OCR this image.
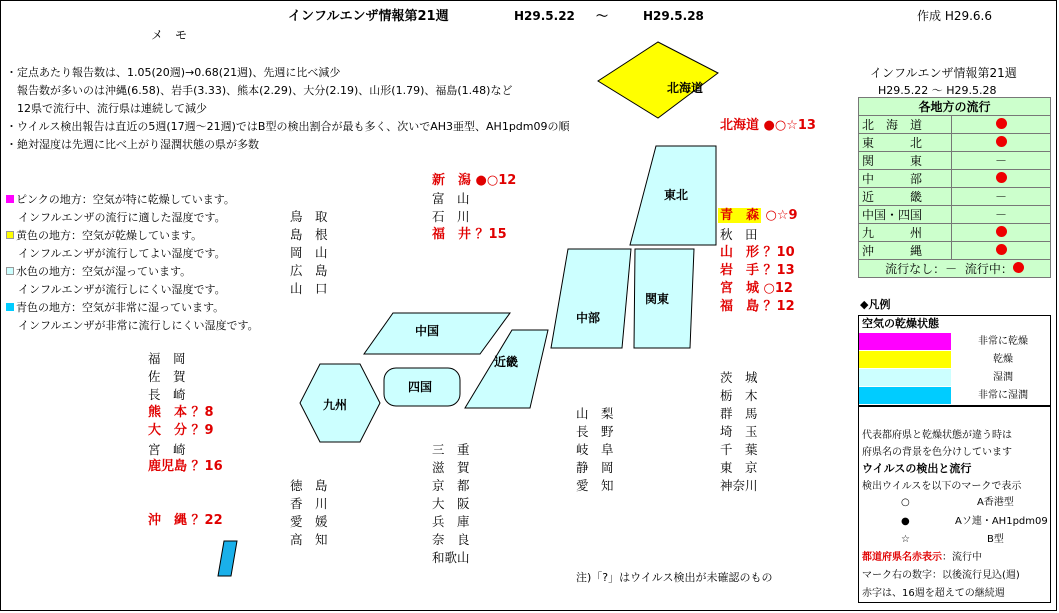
インフルエンザ情報第21週	H29.5.22 ～	H29.5.28	作成 H29.6.6
メ　モ
・定点あたり報告数は、1.05(20週)→0.68(21週)、先週に比べ減少
　報告数が多いのは沖縄(6.58)、岩手(3.33)、熊本(2.29)、大分(2.19)、山形(1.79)、福島(1.48)など
　12県で流行中、流行県は連続して減少
・ウイルス検出報告は直近の5週(17週～21週)ではB型の検出割合が最も多く、次いでAH3亜型、AH1pdm09の順
・絶対湿度は先週に比べ上がり湿潤状態の県が多数
ピンクの地方：空気が特に乾燥しています。
インフルエンザの流行に適した湿度です。
黄色の地方：空気が乾燥しています。
インフルエンザが流行してよい湿度です。
水色の地方：空気が湿っています。
インフルエンザが流行しにくい湿度です。
青色の地方：空気が非常に湿っています。
インフルエンザが非常に流行しにくい湿度です。
北海道
東北
関東
中部
近畿
中国
四国
九州
北海道 ●○☆13
新　潟 ●○12
富　山
石　川
福　井 ？15
鳥　取
島　根
岡　山
広　島
山　口
青　森 ○☆9
秋　田
山　形 ？10
岩　手 ？13
宮　城 ○12
福　島 ？12
福　岡
佐　賀
長　崎
熊　本 ？8
大　分 ？9
宮　崎
鹿児島 ？16
沖　縄 ？22
徳　島
香　川
愛　媛
高　知
三　重
滋　賀
京　都
大　阪
兵　庫
奈　良
和歌山
山　梨
長　野
岐　阜
静　岡
愛　知
茨　城
栃　木
群　馬
埼　玉
千　葉
東　京
神奈川
注)「?」はウイルス検出が未確認のもの
インフルエンザ情報第21週
H29.5.22 ～ H29.5.28
各地方の流行	
北　海　道	
東　　　北	
関　　　東	－
中　　　部	
近　　　畿	－
中国・四国	－
九　　　州	
沖　　　縄	
流行なし：－ 流行中：	
◆凡例
空気の乾燥状態
非常に乾燥
乾燥
湿潤
非常に湿潤
代表都府県と乾燥状態が違う時は
府県名の背景を色分けしています
ウイルスの検出と流行
検出ウイルスを以下のマークで表示
○	A香港型
●	Aソ連・AH1pdm09
☆	B型
都道府県名赤表示：流行中
マーク右の数字：以後流行見込(週)
赤字は、16週を超えての継続週
